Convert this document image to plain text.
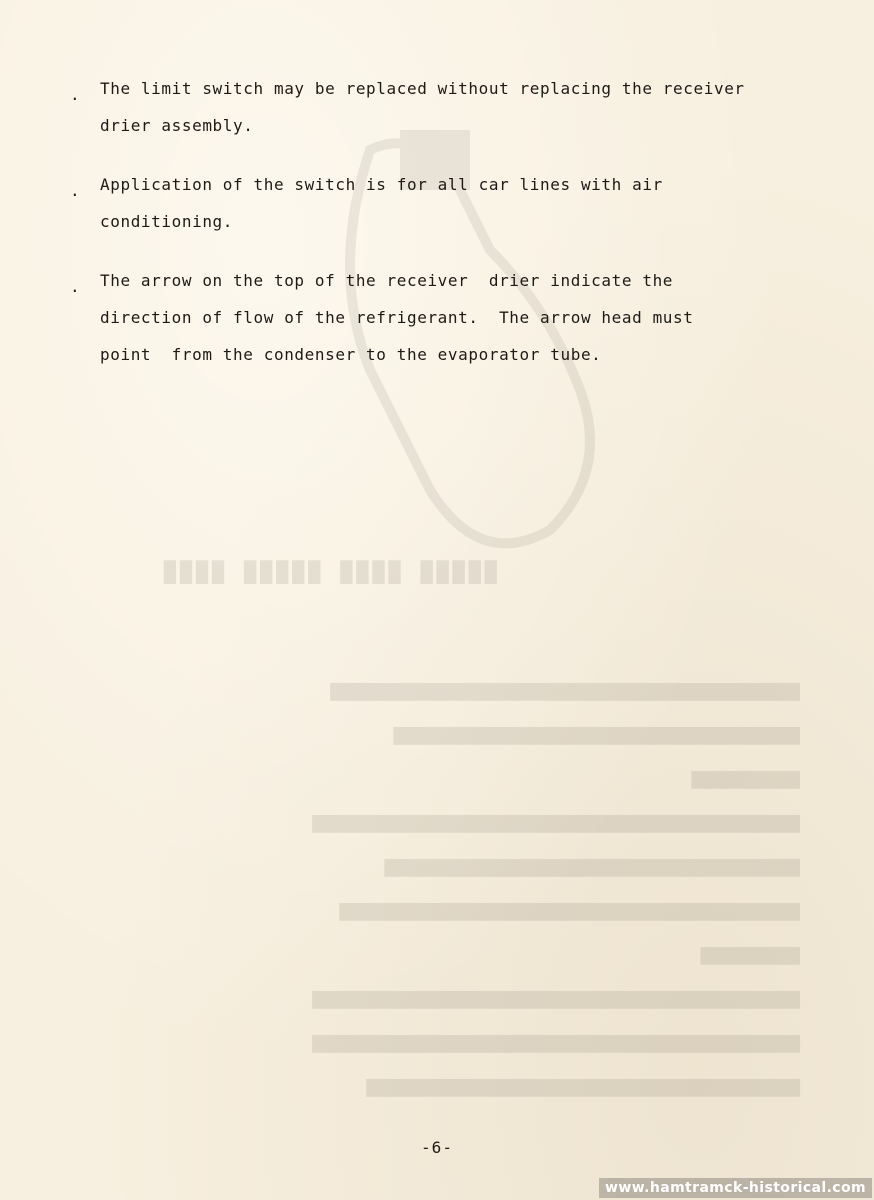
█████ ████ █████ ████
████████████████████████████████████████████████████
█████████████████████████████████████████████
████████████
██████████████████████████████████████████████████████
██████████████████████████████████████████████
███████████████████████████████████████████████████
███████████
██████████████████████████████████████████████████████
██████████████████████████████████████████████████████
████████████████████████████████████████████████
. The limit switch may be replaced without replacing the receiver
drier assembly.
. Application of the switch is for all car lines with air
conditioning.
. The arrow on the top of the receiver  drier indicate the
direction of flow of the refrigerant.  The arrow head must
point  from the condenser to the evaporator tube.
-6-
www.hamtramck-historical.com
